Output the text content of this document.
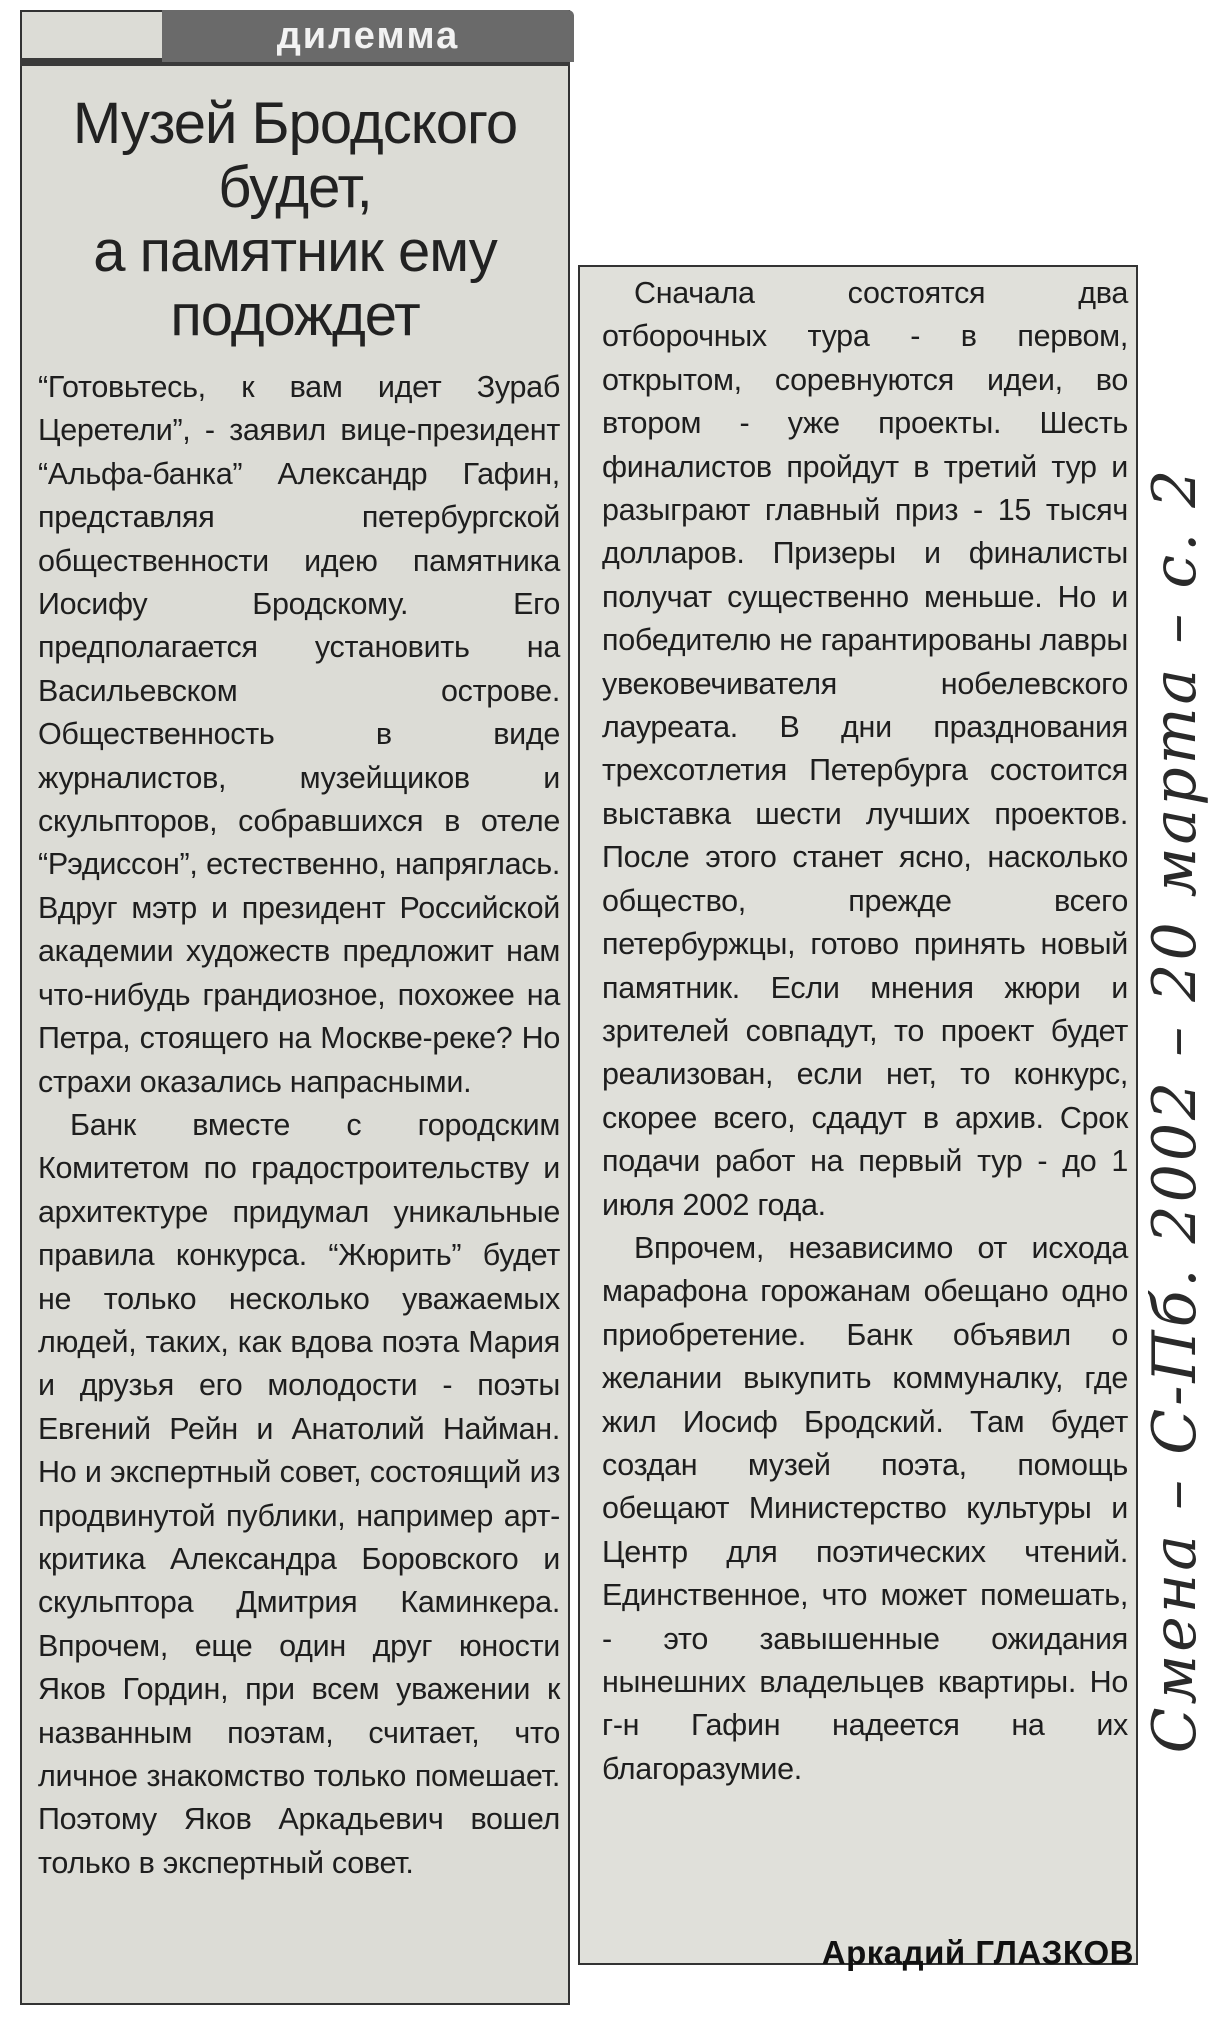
дилемма
Музей Бродского
будет,
а памятник ему
подождет

“Готовьтесь, к вам идет Зураб Церетели”, - заявил вице-президент “Альфа-банка” Александр Гафин, представляя петербургской общественности идею памятника Иосифу Бродскому. Его предполагается установить на Васильевском острове. Общественность в виде журналистов, музейщиков и скульпторов, собравшихся в отеле “Рэдиссон”, естественно, напряглась. Вдруг мэтр и президент Российской академии художеств предложит нам что-нибудь грандиозное, похожее на Петра, стоящего на Москве-реке? Но страхи оказались напрасными.

Банк вместе с городским Комитетом по градостроительству и архитектуре придумал уникальные правила конкурса. “Жюрить” будет не только несколько уважаемых людей, таких, как вдова поэта Мария и друзья его молодости - поэты Евгений Рейн и Анатолий Найман. Но и экспертный совет, состоящий из продвинутой публики, например арт-критика Александра Боровского и скульптора Дмитрия Каминкера. Впрочем, еще один друг юности Яков Гордин, при всем уважении к названным поэтам, считает, что личное знакомство только помешает. Поэтому Яков Аркадьевич вошел только в экспертный совет.

Сначала состоятся два отборочных тура - в первом, открытом, соревнуются идеи, во втором - уже проекты. Шесть финалистов пройдут в третий тур и разыграют главный приз - 15 тысяч долларов. Призеры и финалисты получат существенно меньше. Но и победителю не гарантированы лавры увековечивателя нобелевского лауреата. В дни празднования трехсотлетия Петербурга состоится выставка шести лучших проектов. После этого станет ясно, насколько общество, прежде всего петербуржцы, готово принять новый памятник. Если мнения жюри и зрителей совпадут, то проект будет реализован, если нет, то конкурс, скорее всего, сдадут в архив. Срок подачи работ на первый тур - до 1 июля 2002 года.

Впрочем, независимо от исхода марафона горожанам обещано одно приобретение. Банк объявил о желании выкупить коммуналку, где жил Иосиф Бродский. Там будет создан музей поэта, помощь обещают Министерство культуры и Центр для поэтических чтений. Единственное, что может помешать, - это завышенные ожидания нынешних владельцев квартиры. Но г-н Гафин надеется на их благоразумие.

Аркадий ГЛАЗКОВ
Смена – С-Пб. 2002 – 20 марта – с. 2
